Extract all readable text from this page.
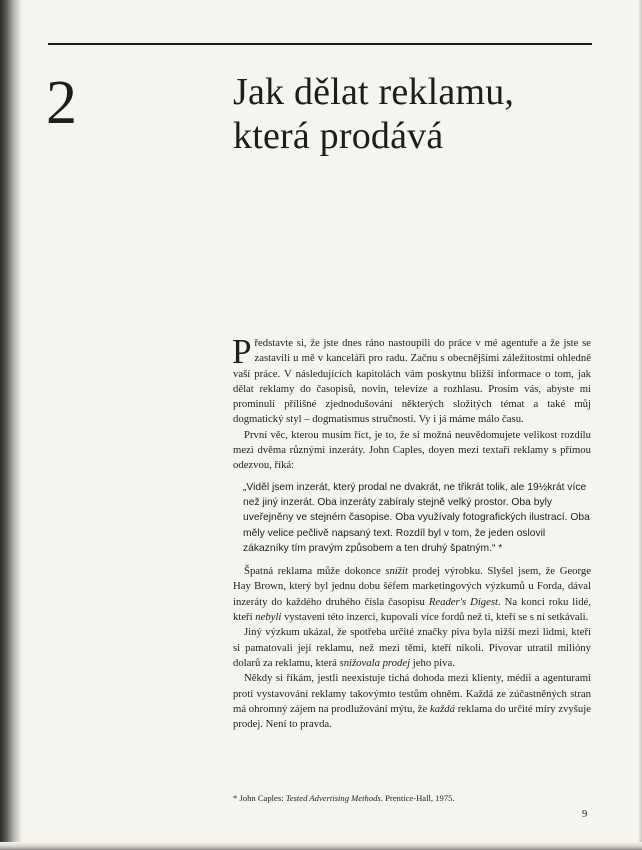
2	Jak dělat reklamu,
která prodává

Představte si, že jste dnes ráno nastoupili do práce v mé agentuře a že jste se zastavili u mě v kanceláři pro radu. Začnu s obecnějšími záležitostmi ohledně vaší práce. V následujících kapitolách vám poskytnu bližší informace o tom, jak dělat reklamy do časopisů, novin, televize a rozhlasu. Prosím vás, abyste mi prominuli přílišné zjednodušování některých složitých témat a také můj dogmatický styl – dogmatismus stručnosti. Vy i já máme málo času.

První věc, kterou musím říct, je to, že si možná neuvědomujete velikost rozdílu mezi dvěma různými inzeráty. John Caples, doyen mezi textaři reklamy s přímou odezvou, říká:

„Viděl jsem inzerát, který prodal ne dvakrát, ne třikrát tolik, ale 19½krát více než jiný inzerát. Oba inzeráty zabíraly stejně velký prostor. Oba byly uveřejněny ve stejném časopise. Oba využívaly fotografických ilustrací. Oba měly velice pečlivě napsaný text. Rozdíl byl v tom, že jeden oslovil zákazníky tím pravým způsobem a ten druhý špatným.“ *

Špatná reklama může dokonce snížit prodej výrobku. Slyšel jsem, že George Hay Brown, který byl jednu dobu šéfem marketingových výzkumů u Forda, dával inzeráty do každého druhého čísla časopisu Reader's Digest. Na konci roku lidé, kteří nebyli vystaveni této inzerci, kupovali více fordů než ti, kteří se s ní setkávali.

Jiný výzkum ukázal, že spotřeba určité značky piva byla nižší mezi lidmi, kteří si pamatovali její reklamu, než mezi těmi, kteří nikoli. Pivovar utratil milióny dolarů za reklamu, která snižovala prodej jeho piva.

Někdy si říkám, jestli neexistuje tichá dohoda mezi klienty, médii a agenturami proti vystavování reklamy takovýmto testům ohněm. Každá ze zúčastněných stran má ohromný zájem na prodlužování mýtu, že každá reklama do určité míry zvyšuje prodej. Není to pravda.

* John Caples: Tested Advertising Methods. Prentice-Hall, 1975.
9
